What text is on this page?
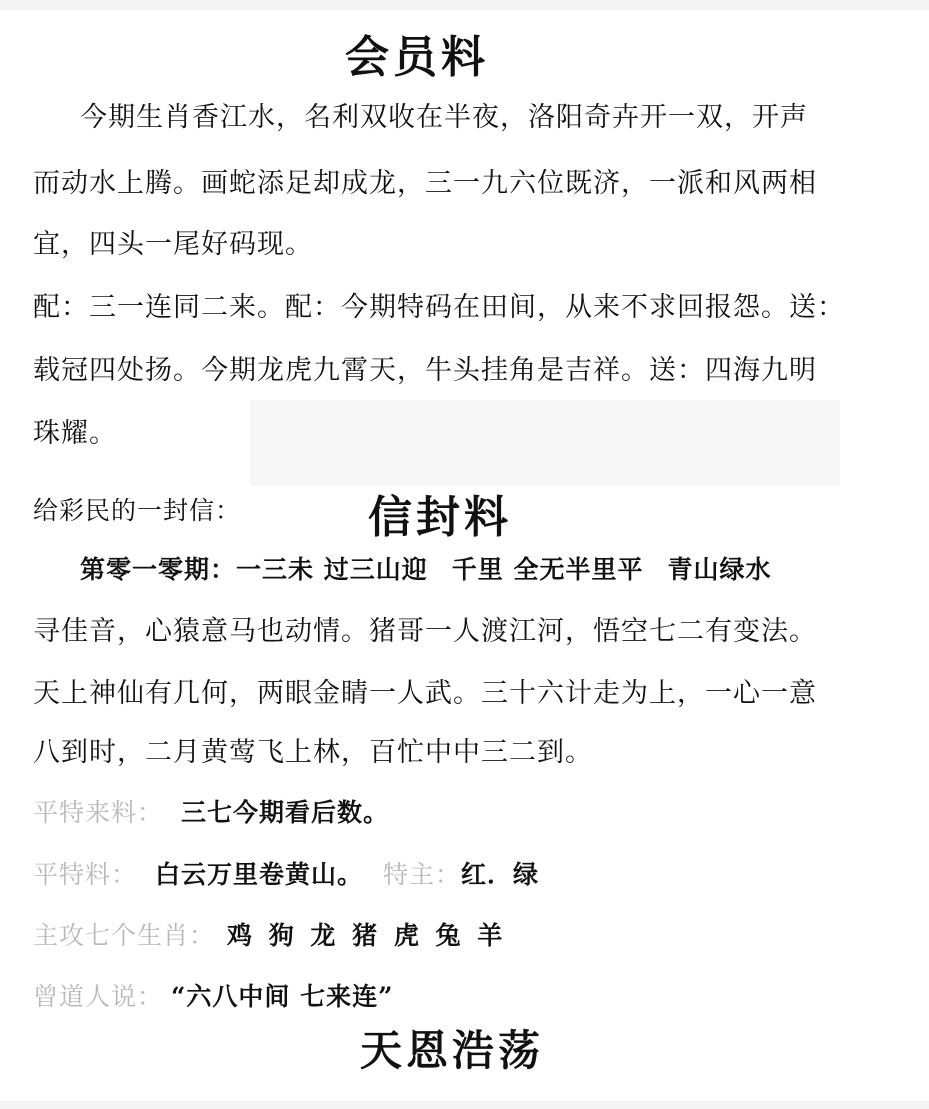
会员料
今期生肖香江水，名利双收在半夜，洛阳奇卉开一双，开声
而动水上腾。画蛇添足却成龙，三一九六位既济，一派和风两相
宜，四头一尾好码现。
配：三一连同二来。配：今期特码在田间，从来不求回报怨。送：
载冠四处扬。今期龙虎九霄天，牛头挂角是吉祥。送：四海九明
珠耀。
给彩民的一封信：	信封料
第零一零期：一三未 过三山迎 千里 全无半里平 青山绿水
寻佳音，心猿意马也动情。猪哥一人渡江河，悟空七二有变法。
天上神仙有几何，两眼金睛一人武。三十六计走为上，一心一意
八到时，二月黄莺飞上林，百忙中中三二到。
平特来料： 三七今期看后数。
平特料： 白云万里卷黄山。 特主：红．绿
主攻七个生肖： 鸡 狗 龙 猪 虎 兔 羊
曾道人说： “六八中间 七来连”
天恩浩荡
